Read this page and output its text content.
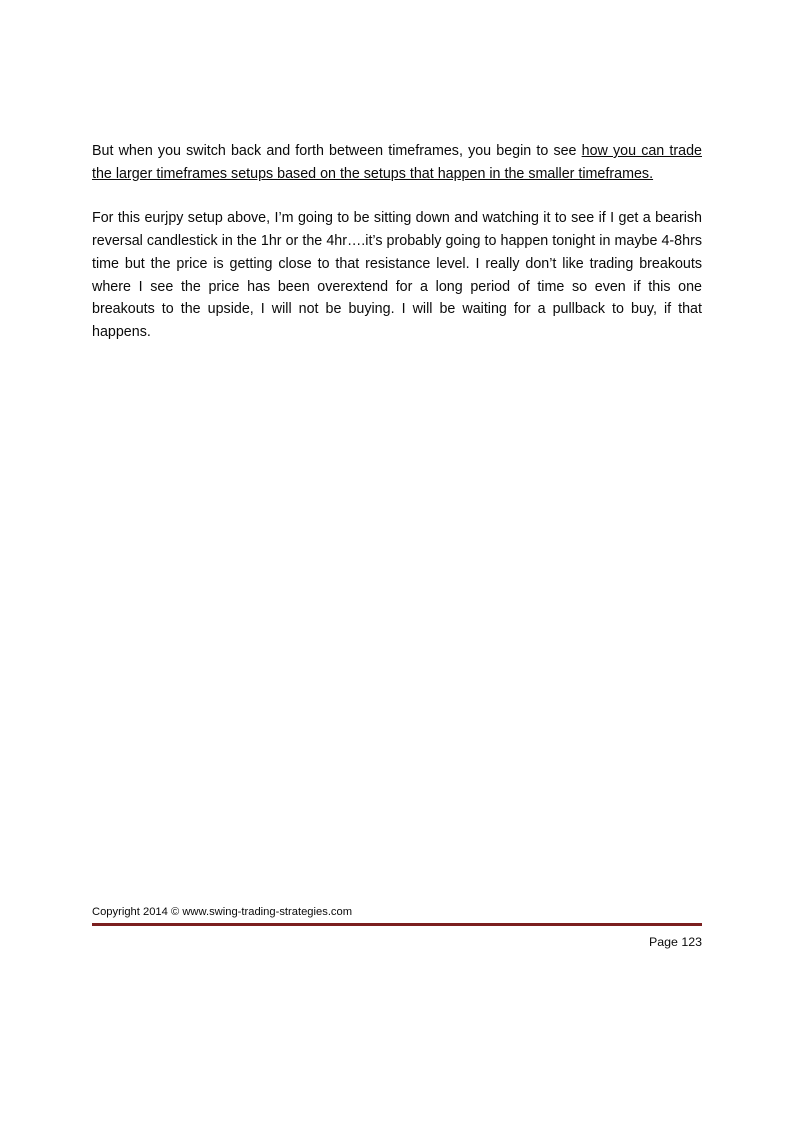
But when you switch back and forth between timeframes, you begin to see how you can trade the larger timeframes setups based on the setups that happen in the smaller timeframes.

For this eurjpy setup above, I’m going to be sitting down and watching it to see if I get a bearish reversal candlestick in the 1hr or the 4hr….it’s probably going to happen tonight in maybe 4-8hrs time but the price is getting close to that resistance level. I really don’t like trading breakouts where I see the price has been overextend for a long period of time so even if this one breakouts to the upside, I will not be buying. I will be waiting for a pullback to buy, if that happens.

Copyright 2014 © www.swing-trading-strategies.com
Page 123
